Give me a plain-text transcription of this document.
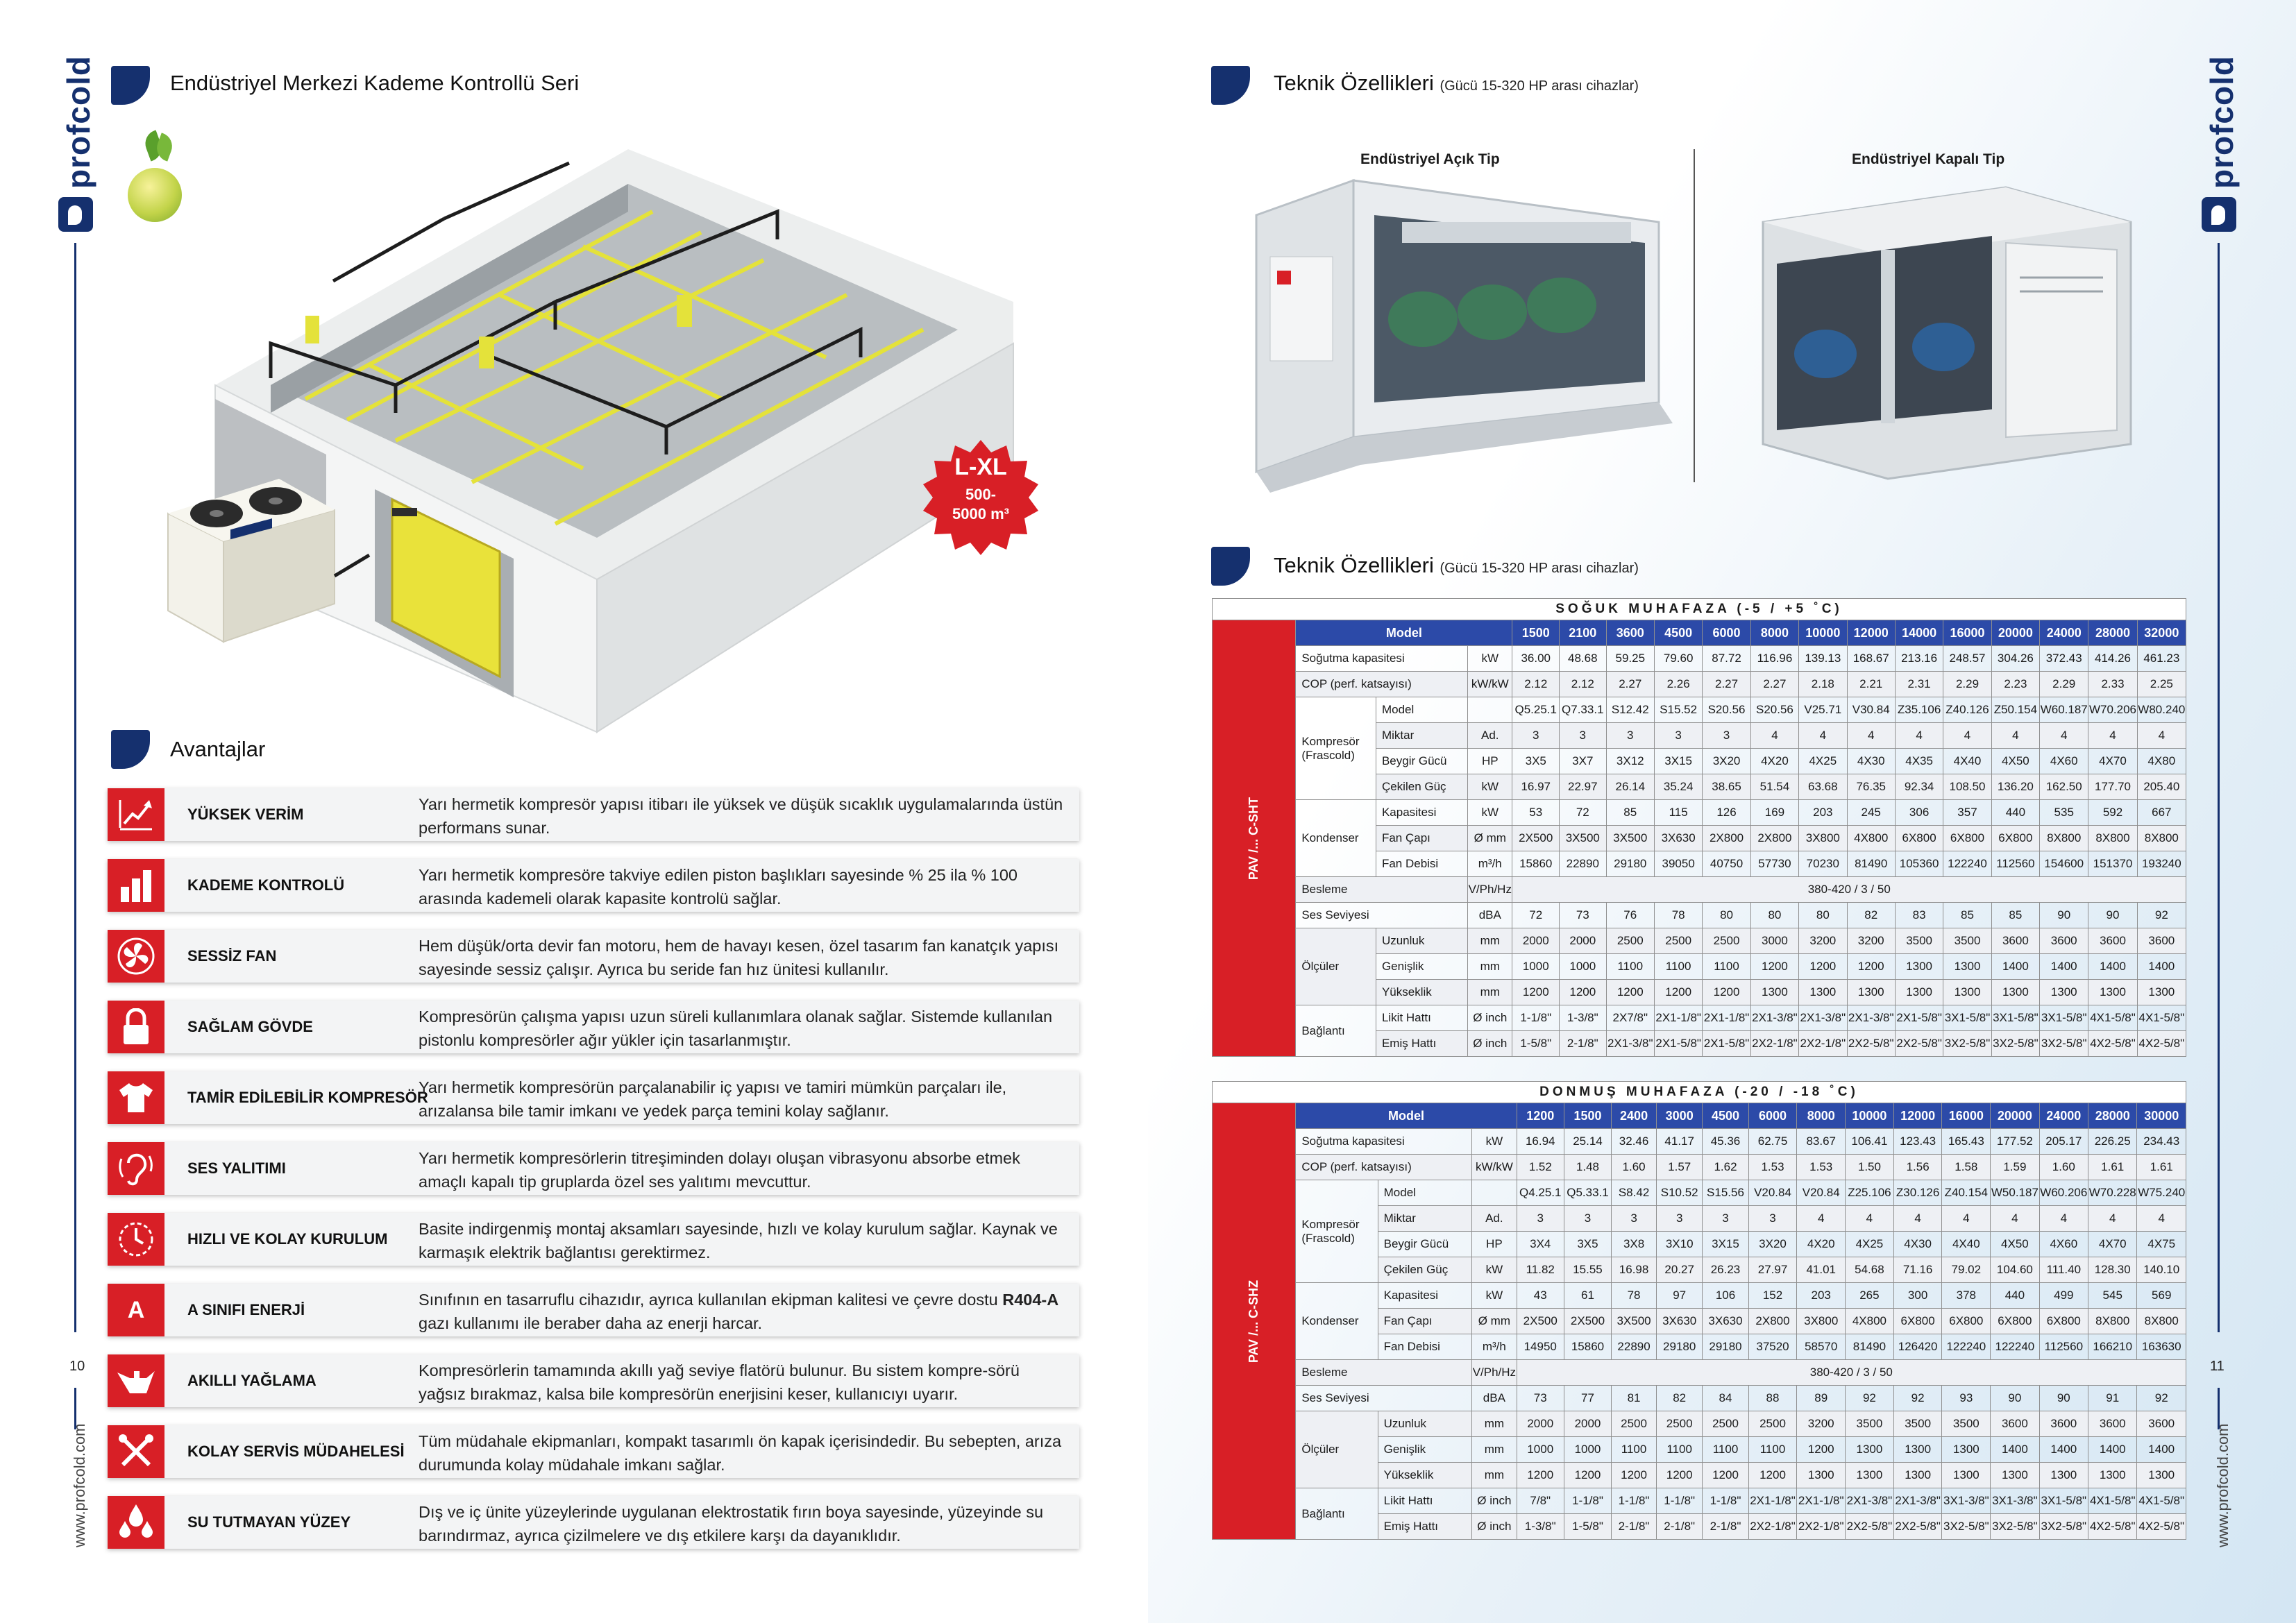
profcold
10
www.profcold.com
Endüstriyel Merkezi Kademe Kontrollü Seri
L-XL
500-
5000 m³
Avantajlar
YÜKSEK VERİM
Yarı hermetik kompresör yapısı itibarı ile yüksek ve düşük sıcaklık uygulamalarında üstün performans sunar.
KADEME KONTROLÜ
Yarı hermetik kompresöre takviye edilen piston başlıkları sayesinde % 25 ila % 100 arasında kademeli olarak kapasite kontrolü sağlar.
SESSİZ FAN
Hem düşük/orta devir fan motoru, hem de havayı kesen, özel tasarım fan kanatçık yapısı sayesinde sessiz çalışır. Ayrıca bu seride fan hız ünitesi kullanılır.
SAĞLAM GÖVDE
Kompresörün çalışma yapısı uzun süreli kullanımlara olanak sağlar. Sistemde kullanılan pistonlu kompresörler ağır yükler için tasarlanmıştır.
TAMİR EDİLEBİLİR KOMPRESÖR
Yarı hermetik kompresörün parçalanabilir iç yapısı ve tamiri mümkün parçaları ile, arızalansa bile tamir imkanı ve yedek parça temini kolay sağlanır.
SES YALITIMI
Yarı hermetik kompresörlerin titreşiminden dolayı oluşan vibrasyonu absorbe etmek amaçlı kapalı tip gruplarda özel ses yalıtımı mevcuttur.
HIZLI VE KOLAY KURULUM
Basite indirgenmiş montaj aksamları sayesinde, hızlı ve kolay kurulum sağlar. Kaynak ve karmaşık elektrik bağlantısı gerektirmez.
A	A SINIFI ENERJİ
Sınıfının en tasarruflu cihazıdır, ayrıca kullanılan ekipman kalitesi ve çevre dostu R404-A gazı kullanımı ile beraber daha az enerji harcar.
AKILLI YAĞLAMA
Kompresörlerin tamamında akıllı yağ seviye flatörü bulunur. Bu sistem kompre-sörü yağsız bırakmaz, kalsa bile kompresörün enerjisini keser, kullanıcıyı uyarır.
KOLAY SERVİS MÜDAHELESİ
Tüm müdahale ekipmanları, kompakt tasarımlı ön kapak içerisindedir. Bu sebepten, arıza durumunda kolay müdahale imkanı sağlar.
SU TUTMAYAN YÜZEY
Dış ve iç ünite yüzeylerinde uygulanan elektrostatik fırın boya sayesinde, yüzeyinde su barındırmaz, ayrıca çizilmelere ve dış etkilere karşı da dayanıklıdır.
Teknik Özellikleri (Gücü 15-320 HP arası cihazlar)
Endüstriyel Açık Tip	Endüstriyel Kapalı Tip
Teknik Özellikleri (Gücü 15-320 HP arası cihazlar)
SOĞUK MUHAFAZA (-5 / +5 ˚C)																	
PAV /... C-SHT	Model			1500	2100	3600	4500	6000	8000	10000	12000	14000	16000	20000	24000	28000	32000
	Soğutma kapasitesi		kW	36.00	48.68	59.25	79.60	87.72	116.96	139.13	168.67	213.16	248.57	304.26	372.43	414.26	461.23
	COP (perf. katsayısı)		kW/kW	2.12	2.12	2.27	2.26	2.27	2.27	2.18	2.21	2.31	2.29	2.23	2.29	2.33	2.25
	Kompresör (Frascold)	Model		Q5.25.1	Q7.33.1	S12.42	S15.52	S20.56	S20.56	V25.71	V30.84	Z35.106	Z40.126	Z50.154	W60.187	W70.206	W80.240
		Miktar	Ad.	3	3	3	3	3	4	4	4	4	4	4	4	4	4
		Beygir Gücü	HP	3X5	3X7	3X12	3X15	3X20	4X20	4X25	4X30	4X35	4X40	4X50	4X60	4X70	4X80
		Çekilen Güç	kW	16.97	22.97	26.14	35.24	38.65	51.54	63.68	76.35	92.34	108.50	136.20	162.50	177.70	205.40
	Kondenser	Kapasitesi	kW	53	72	85	115	126	169	203	245	306	357	440	535	592	667
		Fan Çapı	Ø mm	2X500	3X500	3X500	3X630	2X800	2X800	3X800	4X800	6X800	6X800	6X800	8X800	8X800	8X800
		Fan Debisi	m³/h	15860	22890	29180	39050	40750	57730	70230	81490	105360	122240	112560	154600	151370	193240
	Besleme		V/Ph/Hz	380-420 / 3 / 50													
	Ses Seviyesi		dBA	72	73	76	78	80	80	80	82	83	85	85	90	90	92
	Ölçüler	Uzunluk	mm	2000	2000	2500	2500	2500	3000	3200	3200	3500	3500	3600	3600	3600	3600
		Genişlik	mm	1000	1000	1100	1100	1100	1200	1200	1200	1300	1300	1400	1400	1400	1400
		Yükseklik	mm	1200	1200	1200	1200	1200	1300	1300	1300	1300	1300	1300	1300	1300	1300
	Bağlantı	Likit Hattı	Ø inch	1-1/8"	1-3/8"	2X7/8"	2X1-1/8"	2X1-1/8"	2X1-3/8"	2X1-3/8"	2X1-3/8"	2X1-5/8"	3X1-5/8"	3X1-5/8"	3X1-5/8"	4X1-5/8"	4X1-5/8"
		Emiş Hattı	Ø inch	1-5/8"	2-1/8"	2X1-3/8"	2X1-5/8"	2X1-5/8"	2X2-1/8"	2X2-1/8"	2X2-5/8"	2X2-5/8"	3X2-5/8"	3X2-5/8"	3X2-5/8"	4X2-5/8"	4X2-5/8"
DONMUŞ MUHAFAZA (-20 / -18 ˚C)																	
PAV /... C-SHZ	Model			1200	1500	2400	3000	4500	6000	8000	10000	12000	16000	20000	24000	28000	30000
	Soğutma kapasitesi		kW	16.94	25.14	32.46	41.17	45.36	62.75	83.67	106.41	123.43	165.43	177.52	205.17	226.25	234.43
	COP (perf. katsayısı)		kW/kW	1.52	1.48	1.60	1.57	1.62	1.53	1.53	1.50	1.56	1.58	1.59	1.60	1.61	1.61
	Kompresör (Frascold)	Model		Q4.25.1	Q5.33.1	S8.42	S10.52	S15.56	V20.84	V20.84	Z25.106	Z30.126	Z40.154	W50.187	W60.206	W70.228	W75.240
		Miktar	Ad.	3	3	3	3	3	3	4	4	4	4	4	4	4	4
		Beygir Gücü	HP	3X4	3X5	3X8	3X10	3X15	3X20	4X20	4X25	4X30	4X40	4X50	4X60	4X70	4X75
		Çekilen Güç	kW	11.82	15.55	16.98	20.27	26.23	27.97	41.01	54.68	71.16	79.02	104.60	111.40	128.30	140.10
	Kondenser	Kapasitesi	kW	43	61	78	97	106	152	203	265	300	378	440	499	545	569
		Fan Çapı	Ø mm	2X500	2X500	3X500	3X630	3X630	2X800	3X800	4X800	6X800	6X800	6X800	6X800	8X800	8X800
		Fan Debisi	m³/h	14950	15860	22890	29180	29180	37520	58570	81490	126420	122240	122240	112560	166210	163630
	Besleme		V/Ph/Hz	380-420 / 3 / 50													
	Ses Seviyesi		dBA	73	77	81	82	84	88	89	92	92	93	90	90	91	92
	Ölçüler	Uzunluk	mm	2000	2000	2500	2500	2500	2500	3200	3500	3500	3500	3600	3600	3600	3600
		Genişlik	mm	1000	1000	1100	1100	1100	1100	1200	1300	1300	1300	1400	1400	1400	1400
		Yükseklik	mm	1200	1200	1200	1200	1200	1200	1300	1300	1300	1300	1300	1300	1300	1300
	Bağlantı	Likit Hattı	Ø inch	7/8"	1-1/8"	1-1/8"	1-1/8"	1-1/8"	2X1-1/8"	2X1-1/8"	2X1-3/8"	2X1-3/8"	3X1-3/8"	3X1-3/8"	3X1-5/8"	4X1-5/8"	4X1-5/8"
		Emiş Hattı	Ø inch	1-3/8"	1-5/8"	2-1/8"	2-1/8"	2-1/8"	2X2-1/8"	2X2-1/8"	2X2-5/8"	2X2-5/8"	3X2-5/8"	3X2-5/8"	3X2-5/8"	4X2-5/8"	4X2-5/8"
profcold
11
www.profcold.com
